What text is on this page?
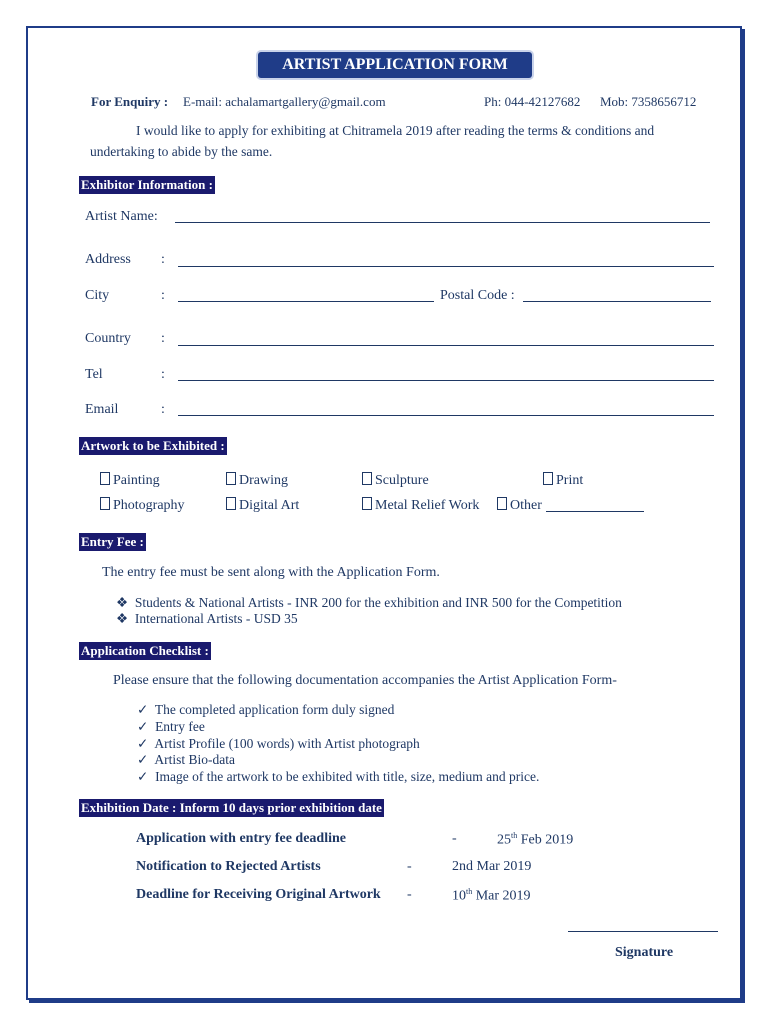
ARTIST APPLICATION FORM
For Enquiry : E-mail: achalamartgallery@gmail.com	Ph: 044-42127682 Mob: 7358656712
I would like to apply for exhibiting at Chitramela 2019 after reading the terms & conditions and undertaking to abide by the same.
Exhibitor Information :
Artist Name:
Address :
City	:	Postal Code :
Country :
Tel	:
Email	:
Artwork to be Exhibited :
Painting	Drawing	Sculpture	Print
Photography	Digital Art	Metal Relief Work	Other
Entry Fee :
The entry fee must be sent along with the Application Form.
❖ Students & National Artists - INR 200 for the exhibition and INR 500 for the Competition
❖ International Artists - USD 35
Application Checklist :
Please ensure that the following documentation accompanies the Artist Application Form-
✓ The completed application form duly signed
✓ Entry fee
✓ Artist Profile (100 words) with Artist photograph
✓ Artist Bio-data
✓ Image of the artwork to be exhibited with title, size, medium and price.
Exhibition Date : Inform 10 days prior exhibition date
Application with entry fee deadline	-	25th Feb 2019
Notification to Rejected Artists	-	2nd Mar 2019
Deadline for Receiving Original Artwork -	10th Mar 2019
Signature
